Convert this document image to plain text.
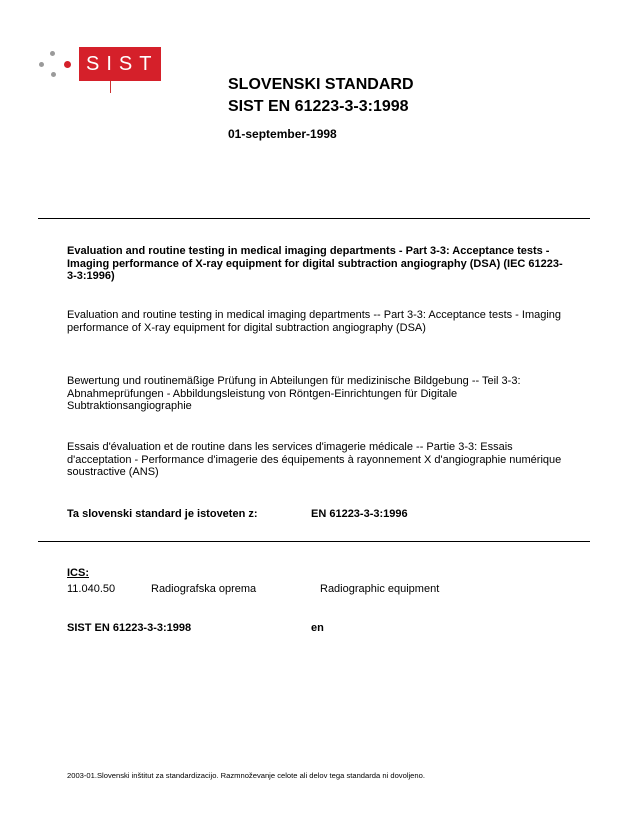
SIST
SLOVENSKI STANDARD
SIST EN 61223-3-3:1998
01-september-1998
Evaluation and routine testing in medical imaging departments - Part 3-3: Acceptance tests - Imaging performance of X-ray equipment for digital subtraction angiography (DSA) (IEC 61223-3-3:1996)
Evaluation and routine testing in medical imaging departments -- Part 3-3: Acceptance tests - Imaging performance of X-ray equipment for digital subtraction angiography (DSA)
Bewertung und routinemäßige Prüfung in Abteilungen für medizinische Bildgebung -- Teil 3-3: Abnahmeprüfungen - Abbildungsleistung von Röntgen-Einrichtungen für Digitale Subtraktionsangiographie
Essais d'évaluation et de routine dans les services d'imagerie médicale -- Partie 3-3: Essais d'acceptation - Performance d'imagerie des équipements à rayonnement X d'angiographie numérique soustractive (ANS)
Ta slovenski standard je istoveten z:	EN 61223-3-3:1996
ICS:
11.040.50	Radiografska oprema	Radiographic equipment
SIST EN 61223-3-3:1998	en
2003-01.Slovenski inštitut za standardizacijo. Razmnoževanje celote ali delov tega standarda ni dovoljeno.
